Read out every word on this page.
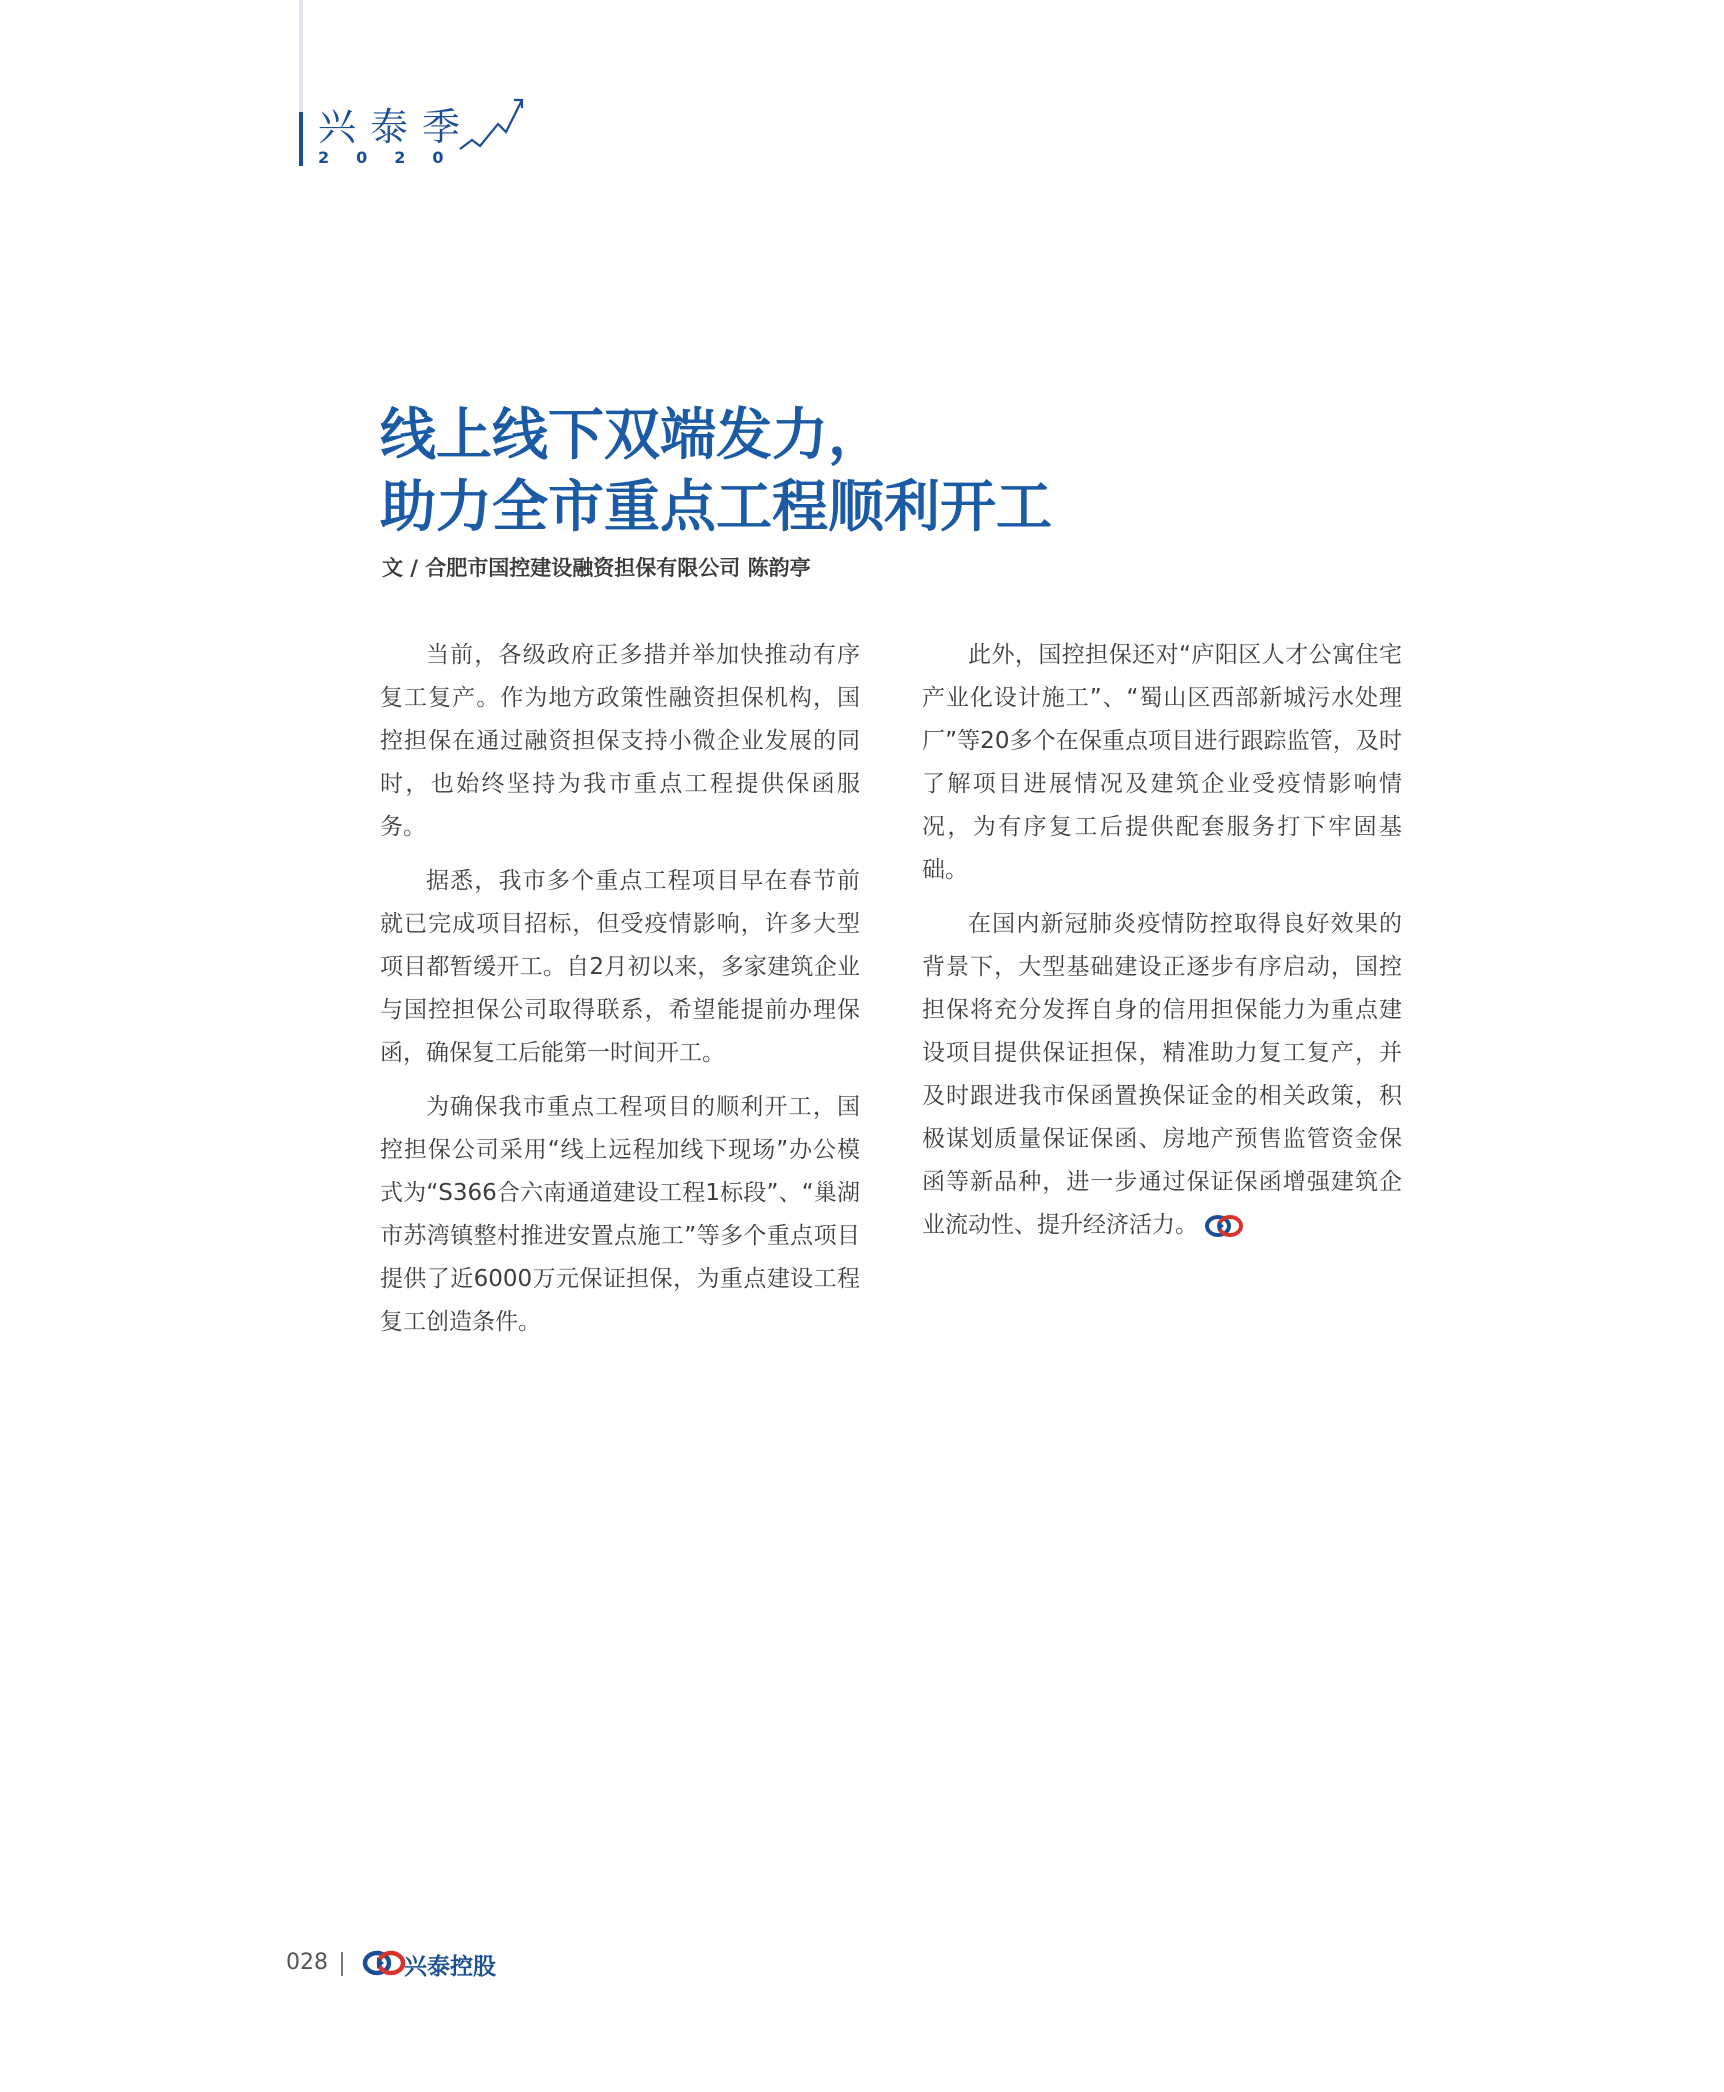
兴泰季
2020
线上线下双端发力，
助力全市重点工程顺利开工
文 / 合肥市国控建设融资担保有限公司 陈韵亭

当前，各级政府正多措并举加快推动有序复工复产。作为地方政策性融资担保机构，国控担保在通过融资担保支持小微企业发展的同时，也始终坚持为我市重点工程提供保函服务。

据悉，我市多个重点工程项目早在春节前就已完成项目招标，但受疫情影响，许多大型项目都暂缓开工。自2月初以来，多家建筑企业与国控担保公司取得联系，希望能提前办理保函，确保复工后能第一时间开工。

为确保我市重点工程项目的顺利开工，国控担保公司采用“线上远程加线下现场”办公模式为“S366合六南通道建设工程1标段”、“巢湖市苏湾镇整村推进安置点施工”等多个重点项目提供了近6000万元保证担保，为重点建设工程复工创造条件。

此外，国控担保还对“庐阳区人才公寓住宅产业化设计施工”、“蜀山区西部新城污水处理厂”等20多个在保重点项目进行跟踪监管，及时了解项目进展情况及建筑企业受疫情影响情况，为有序复工后提供配套服务打下牢固基础。

在国内新冠肺炎疫情防控取得良好效果的背景下，大型基础建设正逐步有序启动，国控担保将充分发挥自身的信用担保能力为重点建设项目提供保证担保，精准助力复工复产，并及时跟进我市保函置换保证金的相关政策，积极谋划质量保证保函、房地产预售监管资金保函等新品种，进一步通过保证保函增强建筑企业流动性、提升经济活力。

028	兴泰控股
